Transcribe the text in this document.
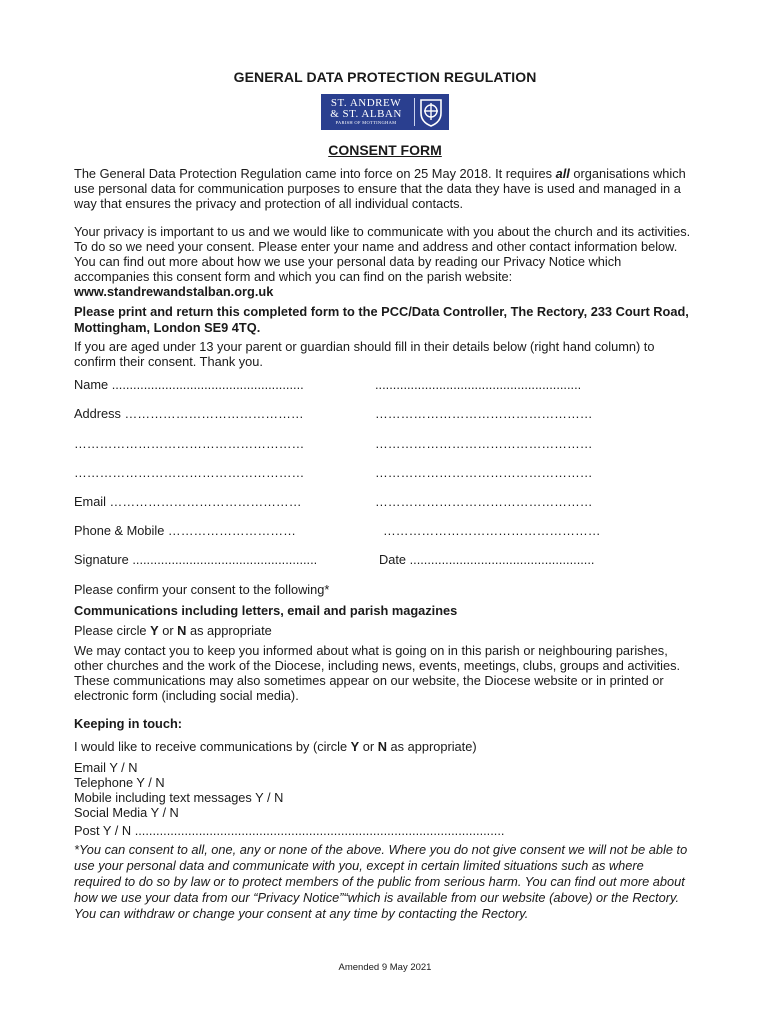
GENERAL DATA PROTECTION REGULATION
ST. ANDREW
& ST. ALBAN
PARISH OF MOTTINGHAM
CONSENT FORM
The General Data Protection Regulation came into force on 25 May 2018. It requires all organisations which use personal data for communication purposes to ensure that the data they have is used and managed in a way that ensures the privacy and protection of all individual contacts.
Your privacy is important to us and we would like to communicate with you about the church and its activities. To do so we need your consent. Please enter your name and address and other contact information below. You can find out more about how we use your personal data by reading our Privacy Notice which accompanies this consent form and which you can find on the parish website: www.standrewandstalban.org.uk
Please print and return this completed form to the PCC/Data Controller, The Rectory, 233 Court Road, Mottingham, London SE9 4TQ.
If you are aged under 13 your parent or guardian should fill in their details below (right hand column) to confirm their consent. Thank you.
Name ......................................................	..........................................................
Address ……………………………………	……………………………………………
………………………………………………	……………………………………………
………………………………………………	……………………………………………
Email ………………………………………	……………………………………………
Phone & Mobile …………………………	……………………………………………
Signature ....................................................	Date ....................................................
Please confirm your consent to the following*
Communications including letters, email and parish magazines
Please circle Y or N as appropriate
We may contact you to keep you informed about what is going on in this parish or neighbouring parishes, other churches and the work of the Diocese, including news, events, meetings, clubs, groups and activities. These communications may also sometimes appear on our website, the Diocese website or in printed or electronic form (including social media).
Keeping in touch:
I would like to receive communications by (circle Y or N as appropriate)
Email Y / N
Telephone Y / N
Mobile including text messages Y / N
Social Media Y / N
Post Y / N ........................................................................................................
*You can consent to all, one, any or none of the above. Where you do not give consent we will not be able to use your personal data and communicate with you, except in certain limited situations such as where required to do so by law or to protect members of the public from serious harm. You can find out more about how we use your data from our “Privacy Notice”“which is available from our website (above) or the Rectory. You can withdraw or change your consent at any time by contacting the Rectory.
Amended 9 May 2021
